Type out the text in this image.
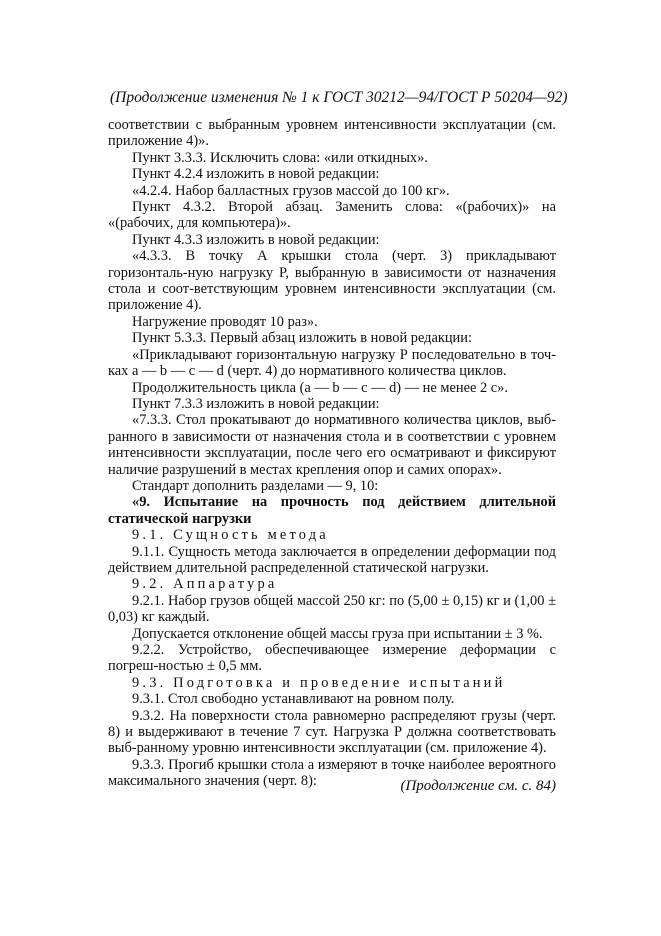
(Продолжение изменения № 1 к ГОСТ 30212—94/ГОСТ Р 50204—92)

соответствии с выбранным уровнем интенсивности эксплуатации (см. приложение 4)».

Пункт 3.3.3. Исключить слова: «или откидных».

Пункт 4.2.4 изложить в новой редакции:

«4.2.4. Набор балластных грузов массой до 100 кг».

Пункт 4.3.2. Второй абзац. Заменить слова: «(рабочих)» на «(рабочих, для компьютера)».

Пункт 4.3.3 изложить в новой редакции:

«4.3.3. В точку А крышки стола (черт. 3) прикладывают горизонталь-ную нагрузку P, выбранную в зависимости от назначения стола и соот-ветствующим уровнем интенсивности эксплуатации (см. приложение 4).

Нагружение проводят 10 раз».

Пункт 5.3.3. Первый абзац изложить в новой редакции:

«Прикладывают горизонтальную нагрузку P последовательно в точ-ках a — b — c — d (черт. 4) до нормативного количества циклов.

Продолжительность цикла (a — b — c — d) — не менее 2 с».

Пункт 7.3.3 изложить в новой редакции:

«7.3.3. Стол прокатывают до нормативного количества циклов, выб-ранного в зависимости от назначения стола и в соответствии с уровнем интенсивности эксплуатации, после чего его осматривают и фиксируют наличие разрушений в местах крепления опор и самих опорах».

Стандарт дополнить разделами — 9, 10:

«9. Испытание на прочность под действием длительной статической нагрузки

9.1. Сущность метода

9.1.1. Сущность метода заключается в определении деформации под действием длительной распределенной статической нагрузки.

9.2. Аппаратура

9.2.1. Набор грузов общей массой 250 кг: по (5,00 ± 0,15) кг и (1,00 ± 0,03) кг каждый.

Допускается отклонение общей массы груза при испытании ± 3 %.

9.2.2. Устройство, обеспечивающее измерение деформации с погреш-ностью ± 0,5 мм.

9.3. Подготовка и проведение испытаний

9.3.1. Стол свободно устанавливают на ровном полу.

9.3.2. На поверхности стола равномерно распределяют грузы (черт. 8) и выдерживают в течение 7 сут. Нагрузка P должна соответствовать выб-ранному уровню интенсивности эксплуатации (см. приложение 4).

9.3.3. Прогиб крышки стола a измеряют в точке наиболее вероятного максимального значения (черт. 8):	(Продолжение см. с. 84)
